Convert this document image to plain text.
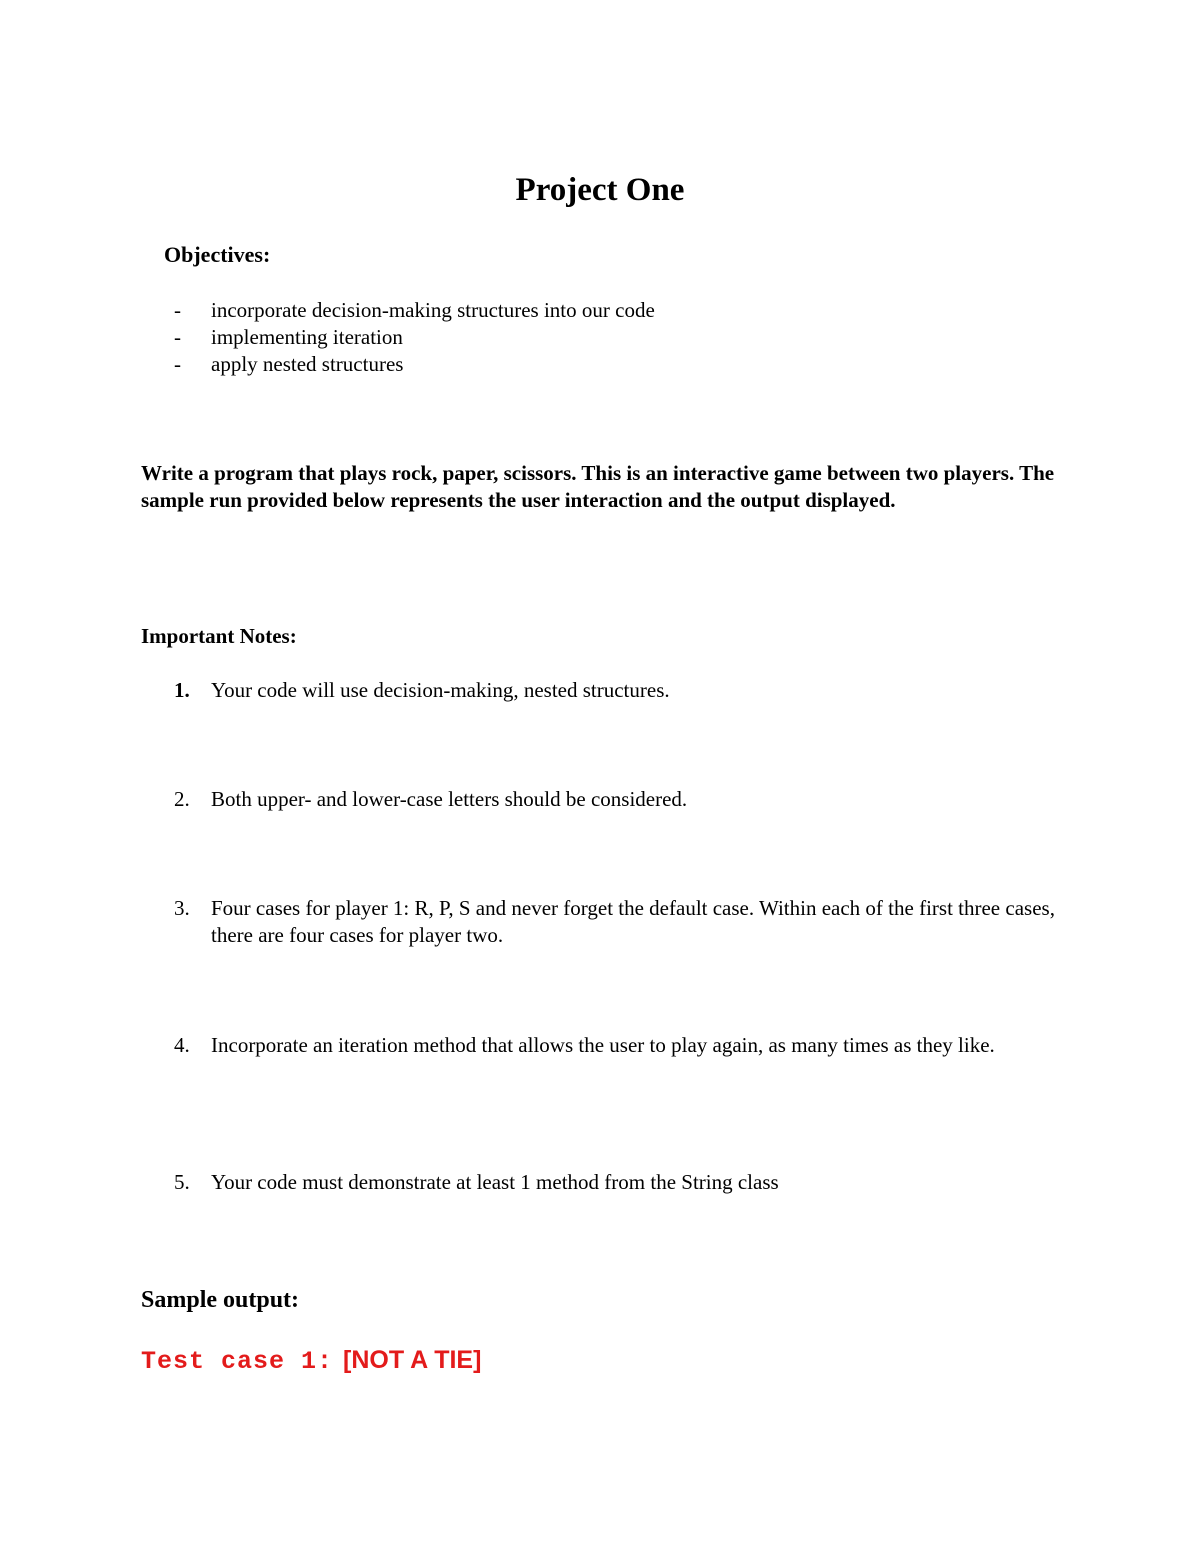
Project One
Objectives:
- incorporate decision-making structures into our code
- implementing iteration
- apply nested structures

Write a program that plays rock, paper, scissors. This is an interactive game between two players. The sample run provided below represents the user interaction and the output displayed.

Important Notes:
1. Your code will use decision-making, nested structures.
2. Both upper- and lower-case letters should be considered.
3. Four cases for player 1: R, P, S and never forget the default case. Within each of the first three cases, there are four cases for player two.
4. Incorporate an iteration method that allows the user to play again, as many times as they like.
5. Your code must demonstrate at least 1 method from the String class
Sample output:
Test case 1: [NOT A TIE]
